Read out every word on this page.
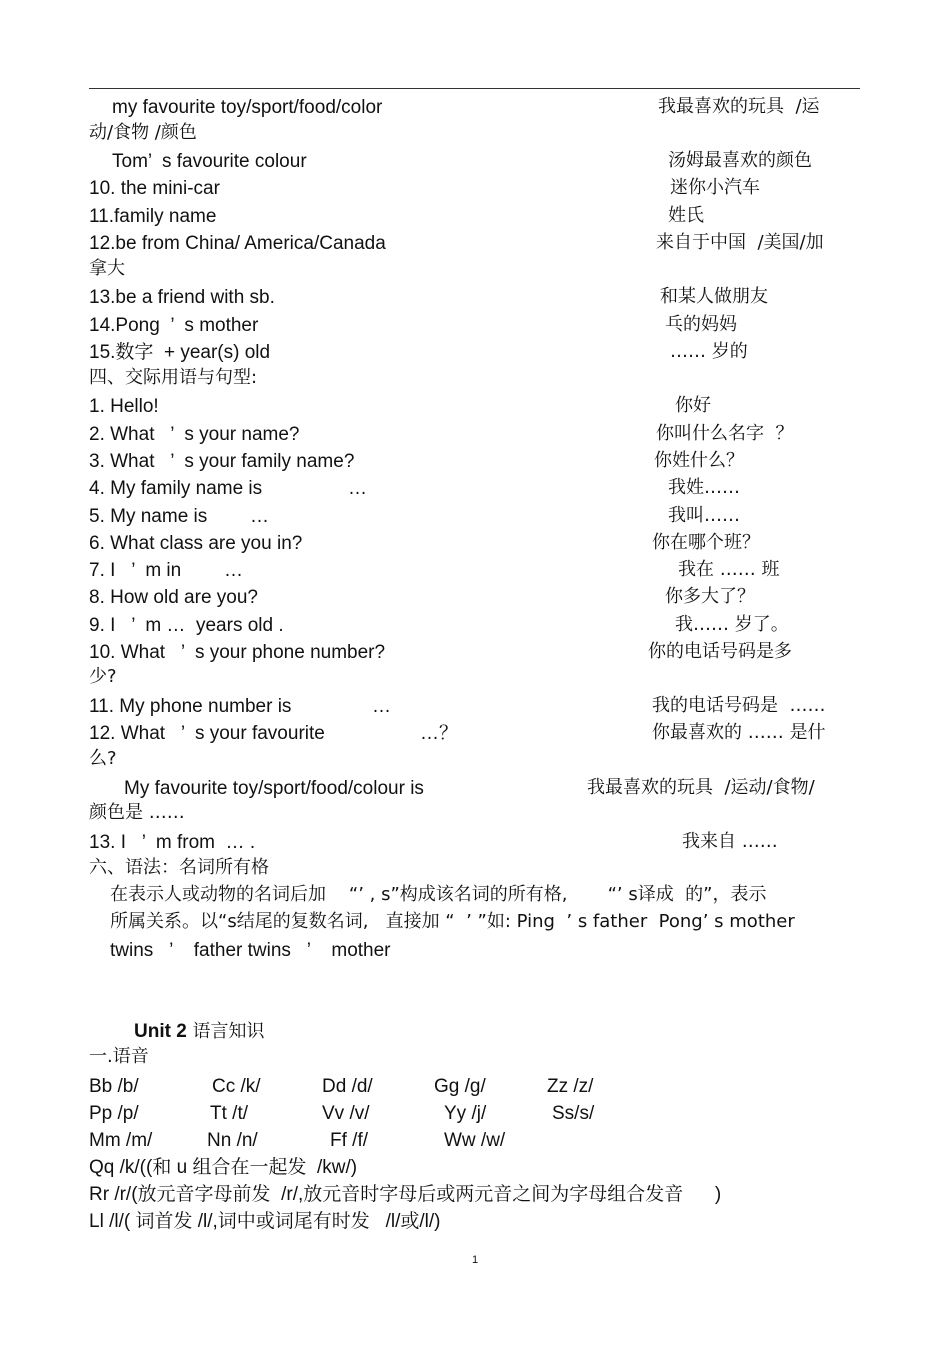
my favourite toy/sport/food/color	我最喜欢的玩具  /运
动/食物 /颜色
Tom’  s favourite colour	汤姆最喜欢的颜色
10. the mini-car	迷你小汽车
11.family name	姓氏
12.be from China/ America/Canada	来自于中国  /美国/加
拿大
13.be a friend with sb.	和某人做朋友
14.Pong  ’  s mother	乓的妈妈
15.数字  + year(s) old	…… 岁的
四、交际用语与句型:
1. Hello!	你好
2. What   ’  s your name?	你叫什么名字  ？
3. What   ’  s your family name?	你姓什么？
4. My family name is	…	我姓……
5. My name is …	我叫……
6. What class are you in?	你在哪个班？
7. I   ’  m in …	我在 …… 班
8. How old are you?	你多大了？
9. I   ’  m …  years old .	我…… 岁了。
10. What   ’  s your phone number?	你的电话号码是多
少?
11. My phone number is	…	我的电话号码是  ……
12. What   ’  s your favourite	…？	你最喜欢的 …… 是什
么?
My favourite toy/sport/food/colour is	我最喜欢的玩具  /运动/食物/
颜色是 ……
13. I   ’  m from  … .	我来自 ……
六、语法：名词所有格
在表示人或动物的名词后加    “’ , s”构成该名词的所有格,       “’ s译成  的”，表示
所属关系。以“s结尾的复数名词,   直接加 “  ’ ”如: Ping  ’ s father  Pong’ s mother
twins   ’    father twins   ’    mother
Unit 2 语言知识
一.语音
Bb /b/	Cc /k/	Dd /d/	Gg /g/	Zz /z/
Pp /p/	Tt /t/	Vv /v/	Yy /j/	Ss/s/
Mm /m/	Nn /n/	Ff /f/	Ww /w/
Qq /k/((和 u 组合在一起发  /kw/)
Rr /r/(放元音字母前发  /r/,放元音时字母后或两元音之间为字母组合发音      )
Ll /l/( 词首发 /l/,词中或词尾有时发   /l/或/l/)
1
